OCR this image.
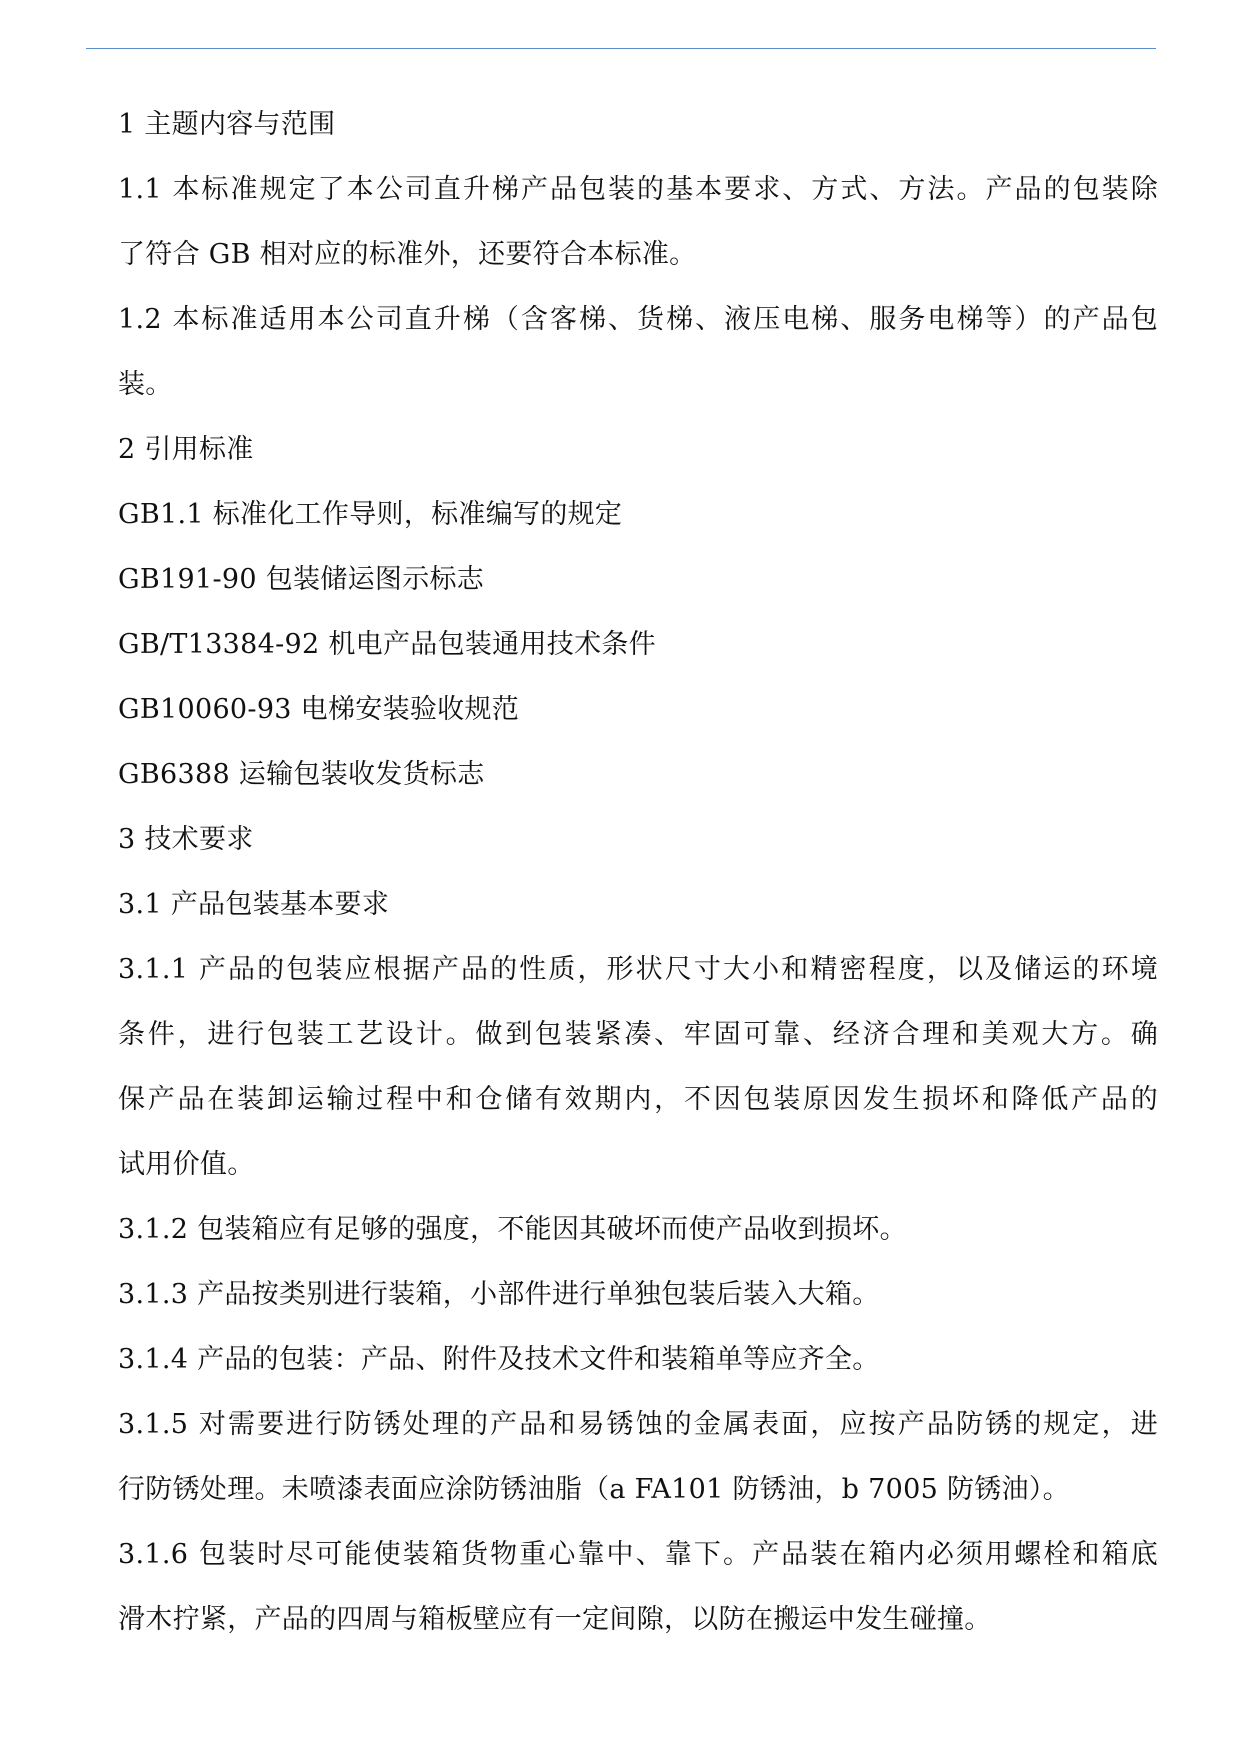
1 主题内容与范围
1.1 本标准规定了本公司直升梯产品包装的基本要求、方式、方法。产品的包装除
了符合 GB 相对应的标准外，还要符合本标准。
1.2 本标准适用本公司直升梯（含客梯、货梯、液压电梯、服务电梯等）的产品包
装。
2 引用标准
GB1.1 标准化工作导则，标准编写的规定
GB191-90 包装储运图示标志
GB/T13384-92 机电产品包装通用技术条件
GB10060-93 电梯安装验收规范
GB6388 运输包装收发货标志
3 技术要求
3.1 产品包装基本要求
3.1.1 产品的包装应根据产品的性质，形状尺寸大小和精密程度，以及储运的环境
条件，进行包装工艺设计。做到包装紧凑、牢固可靠、经济合理和美观大方。确
保产品在装卸运输过程中和仓储有效期内，不因包装原因发生损坏和降低产品的
试用价值。
3.1.2 包装箱应有足够的强度，不能因其破坏而使产品收到损坏。
3.1.3 产品按类别进行装箱，小部件进行单独包装后装入大箱。
3.1.4 产品的包装：产品、附件及技术文件和装箱单等应齐全。
3.1.5 对需要进行防锈处理的产品和易锈蚀的金属表面，应按产品防锈的规定，进
行防锈处理。未喷漆表面应涂防锈油脂（a FA101 防锈油，b 7005 防锈油）。
3.1.6 包装时尽可能使装箱货物重心靠中、靠下。产品装在箱内必须用螺栓和箱底
滑木拧紧，产品的四周与箱板壁应有一定间隙，以防在搬运中发生碰撞。
